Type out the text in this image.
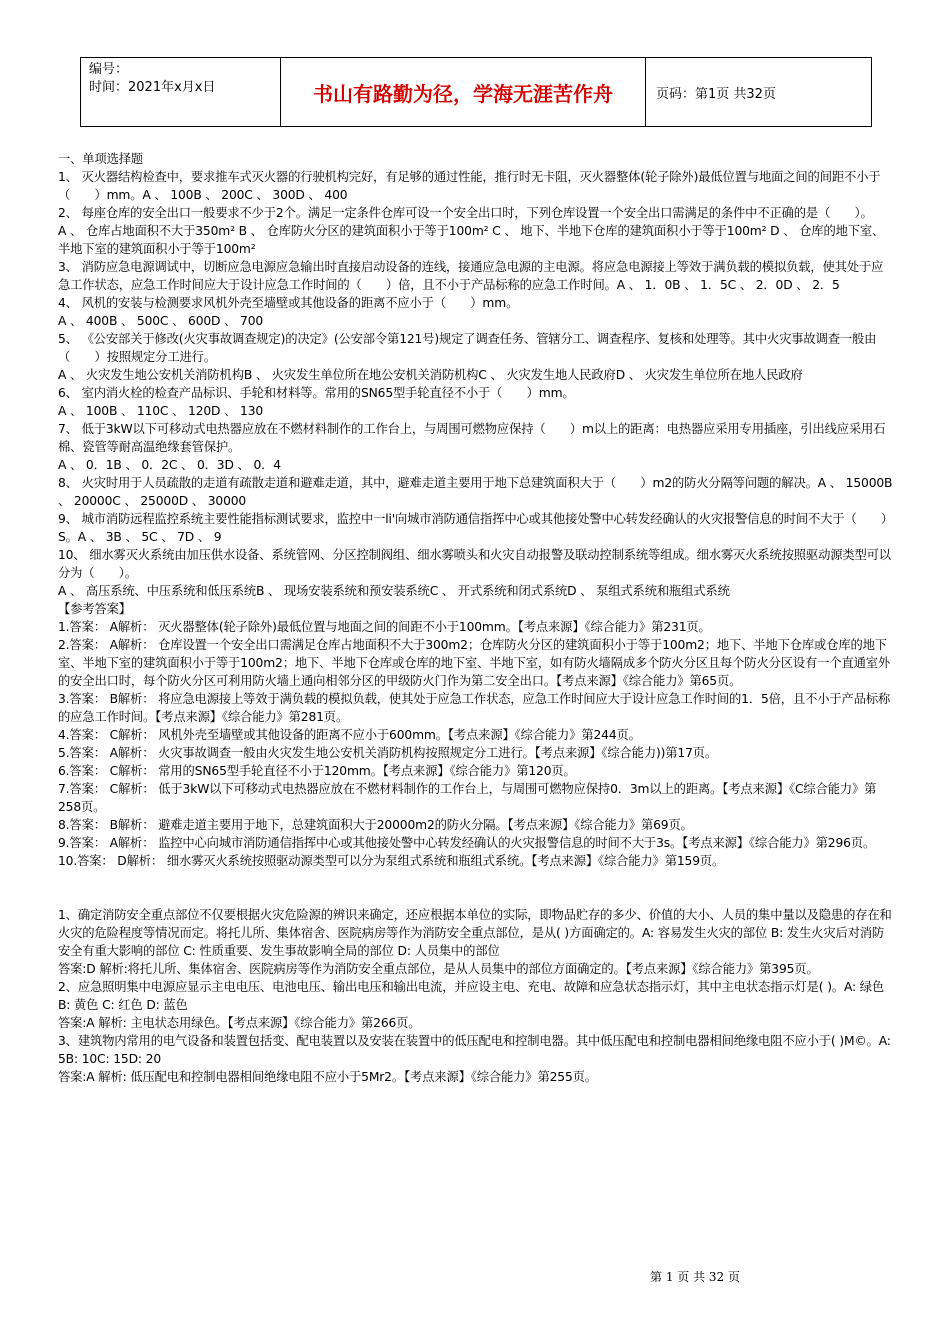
编号：
时间：2021年x月x日	书山有路勤为径，学海无涯苦作舟	页码：第1页 共32页

一、单项选择题

1、 灭火器结构检查中，要求推车式灭火器的行驶机构完好，有足够的通过性能，推行时无卡阻，灭火器整体(轮子除外)最低位置与地面之间的间距不小于（　　）mm。A 、 100B 、 200C 、 300D 、 400

2、 每座仓库的安全出口一般要求不少于2个。满足一定条件仓库可设一个安全出口时，下列仓库设置一个安全出口需满足的条件中不正确的是（　　）。

A 、 仓库占地面积不大于350m² B 、 仓库防火分区的建筑面积小于等于100m² C 、 地下、半地下仓库的建筑面积小于等于100m² D 、 仓库的地下室、半地下室的建筑面积小于等于100m²

3、 消防应急电源调试中，切断应急电源应急输出时直接启动设备的连线，接通应急电源的主电源。将应急电源接上等效于满负载的模拟负载，使其处于应急工作状态，应急工作时间应大于设计应急工作时间的（　　）倍，且不小于产品标称的应急工作时间。A 、 1．0B 、 1．5C 、 2．0D 、 2．5

4、 风机的安装与检测要求风机外壳至墙壁或其他设备的距离不应小于（　　）mm。

A 、 400B 、 500C 、 600D 、 700

5、 《公安部关于修改(火灾事故调查规定)的决定》(公安部令第121号)规定了调查任务、管辖分工、调查程序、复核和处理等。其中火灾事故调查一般由（　　）按照规定分工进行。

A 、 火灾发生地公安机关消防机构B 、 火灾发生单位所在地公安机关消防机构C 、 火灾发生地人民政府D 、 火灾发生单位所在地人民政府

6、 室内消火栓的检查产品标识、手轮和材料等。常用的SN65型手轮直径不小于（　　）mm。

A 、 100B 、 110C 、 120D 、 130

7、 低于3kW以下可移动式电热器应放在不燃材料制作的工作台上，与周围可燃物应保持（　　）m以上的距离：电热器应采用专用插座，引出线应采用石棉、瓷管等耐高温绝缘套管保护。

A 、 0．1B 、 0．2C 、 0．3D 、 0．4

8、 火灾时用于人员疏散的走道有疏散走道和避难走道，其中，避难走道主要用于地下总建筑面积大于（　　）m2的防火分隔等问题的解决。A 、 15000B 、 20000C 、 25000D 、 30000

9、 城市消防远程监控系统主要性能指标测试要求，监控中一li'向城市消防通信指挥中心或其他接处警中心转发经确认的火灾报警信息的时间不大于（　　）S。A 、 3B 、 5C 、 7D 、 9

10、 细水雾灭火系统由加压供水设备、系统管网、分区控制阀组、细水雾喷头和火灾自动报警及联动控制系统等组成。细水雾灭火系统按照驱动源类型可以分为（　　）。

A 、 高压系统、中压系统和低压系统B 、 现场安装系统和预安装系统C 、 开式系统和闭式系统D 、 泵组式系统和瓶组式系统

【参考答案】

1.答案： A解析： 灭火器整体(轮子除外)最低位置与地面之间的间距不小于100mm。【考点来源】《综合能力》第231页。

2.答案： A解析： 仓库设置一个安全出口需满足仓库占地面积不大于300m2；仓库防火分区的建筑面积小于等于100m2；地下、半地下仓库或仓库的地下室、半地下室的建筑面积小于等于100m2；地下、半地下仓库或仓库的地下室、半地下室，如有防火墙隔成多个防火分区且每个防火分区设有一个直通室外的安全出口时，每个防火分区可利用防火墙上通向相邻分区的甲级防火门作为第二安全出口。【考点来源】《综合能力》第65页。

3.答案： B解析： 将应急电源接上等效于满负载的模拟负载，使其处于应急工作状态，应急工作时间应大于设计应急工作时间的1．5倍，且不小于产品标称的应急工作时间。【考点来源】《综合能力》第281页。

4.答案： C解析： 风机外壳至墙壁或其他设备的距离不应小于600mm。【考点来源】《综合能力》第244页。

5.答案： A解析： 火灾事故调查一般由火灾发生地公安机关消防机构按照规定分工进行。【考点来源】《综合能力))第17页。

6.答案： C解析： 常用的SN65型手轮直径不小于120mm。【考点来源】《综合能力》第120页。

7.答案： C解析： 低于3kW以下可移动式电热器应放在不燃材料制作的工作台上，与周围可燃物应保持0．3m以上的距离。【考点来源】《C综合能力》第258页。

8.答案： B解析： 避难走道主要用于地下，总建筑面积大于20000m2的防火分隔。【考点来源】《综合能力》第69页。

9.答案： A解析： 监控中心向城市消防通信指挥中心或其他接处警中心转发经确认的火灾报警信息的时间不大于3s。【考点来源】《综合能力》第296页。10.答案： D解析： 细水雾灭火系统按照驱动源类型可以分为泵组式系统和瓶组式系统。【考点来源】《综合能力》第159页。

1、确定消防安全重点部位不仅要根据火灾危险源的辨识来确定，还应根据本单位的实际，即物品贮存的多少、价值的大小、人员的集中量以及隐患的存在和火灾的危险程度等情况而定。将托儿所、集体宿舍、医院病房等作为消防安全重点部位，是从( )方面确定的。A: 容易发生火灾的部位 B: 发生火灾后对消防安全有重大影响的部位 C: 性质重要、发生事故影响全局的部位 D: 人员集中的部位

答案:D 解析:将托儿所、集体宿舍、医院病房等作为消防安全重点部位，是从人员集中的部位方面确定的。【考点来源】《综合能力》第395页。

2、应急照明集中电源应显示主电电压、电池电压、输出电压和输出电流，并应设主电、充电、故障和应急状态指示灯，其中主电状态指示灯是( )。A: 绿色 B: 黄色 C: 红色 D: 蓝色

答案:A 解析: 主电状态用绿色。【考点来源】《综合能力》第266页。

3、建筑物内常用的电气设备和装置包括变、配电装置以及安装在装置中的低压配电和控制电器。其中低压配电和控制电器相间绝缘电阻不应小于( )M©。A: 5B: 10C: 15D: 20

答案:A 解析: 低压配电和控制电器相间绝缘电阻不应小于5Mr2。【考点来源】《综合能力》第255页。

第 1 页 共 32 页
